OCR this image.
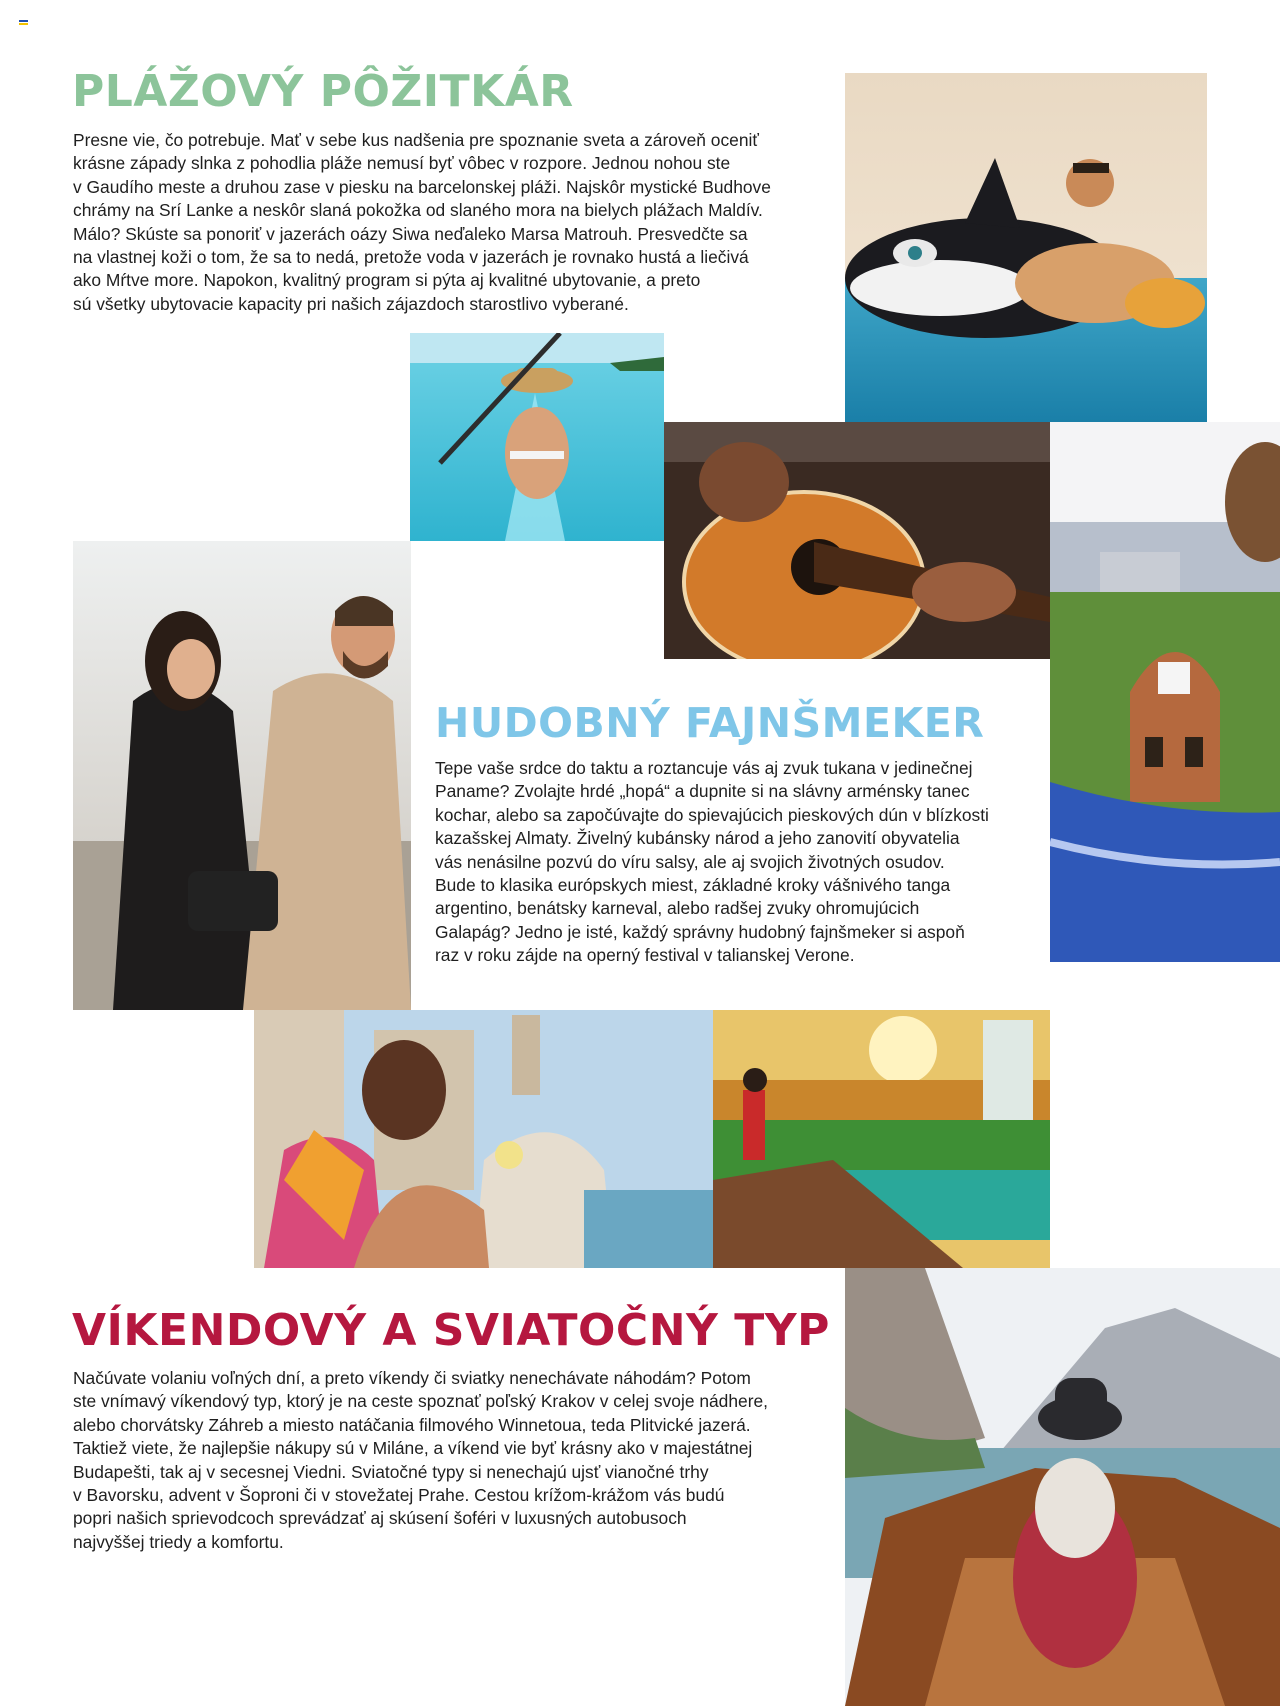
PLÁŽOVÝ PÔŽITKÁR
Presne vie, čo potrebuje. Mať v sebe kus nadšenia pre spoznanie sveta a zároveň oceniť
krásne západy slnka z pohodlia pláže nemusí byť vôbec v rozpore. Jednou nohou ste
v Gaudího meste a druhou zase v piesku na barcelonskej pláži. Najskôr mystické Budhove
chrámy na Srí Lanke a neskôr slaná pokožka od slaného mora na bielych plážach Maldív.
Málo? Skúste sa ponoriť v jazerách oázy Siwa neďaleko Marsa Matrouh. Presvedčte sa
na vlastnej koži o tom, že sa to nedá, pretože voda v jazerách je rovnako hustá a liečivá
ako Mŕtve more. Napokon, kvalitný program si pýta aj kvalitné ubytovanie, a preto
sú všetky ubytovacie kapacity pri našich zájazdoch starostlivo vyberané.
HUDOBNÝ FAJNŠMEKER
Tepe vaše srdce do taktu a roztancuje vás aj zvuk tukana v jedinečnej
Paname? Zvolajte hrdé „hopá“ a dupnite si na slávny arménsky tanec
kochar, alebo sa započúvajte do spievajúcich pieskových dún v blízkosti
kazašskej Almaty. Živelný kubánsky národ a jeho zanovití obyvatelia
vás nenásilne pozvú do víru salsy, ale aj svojich životných osudov.
Bude to klasika európskych miest, základné kroky vášnivého tanga
argentino, benátsky karneval, alebo radšej zvuky ohromujúcich
Galapág? Jedno je isté, každý správny hudobný fajnšmeker si aspoň
raz v roku zájde na operný festival v talianskej Verone.
VÍKENDOVÝ A SVIATOČNÝ TYP
Načúvate volaniu voľných dní, a preto víkendy či sviatky nenechávate náhodám? Potom
ste vnímavý víkendový typ, ktorý je na ceste spoznať poľský Krakov v celej svoje nádhere,
alebo chorvátsky Záhreb a miesto natáčania filmového Winnetoua, teda Plitvické jazerá.
Taktiež viete, že najlepšie nákupy sú v Miláne, a víkend vie byť krásny ako v majestátnej
Budapešti, tak aj v secesnej Viedni. Sviatočné typy si nenechajú ujsť vianočné trhy
v Bavorsku, advent v Šoproni či v stovežatej Prahe. Cestou krížom-krážom vás budú
popri našich sprievodcoch sprevádzať aj skúsení šoféri v luxusných autobusoch
najvyššej triedy a komfortu.
